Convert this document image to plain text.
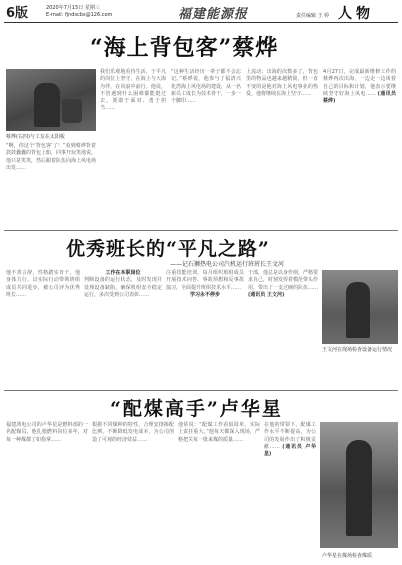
6版	2020年7月15日 星期三
E-mail: fjndscbs@126.com	福建能源报	责任编辑 王 婷 人物
“海上背包客”蔡烨
蔡烨(右四)与工友在太阳板
“啊，你这个‘背包客’了！”看到蔡烨背着鼓鼓囊囊的背包上船，同事开玩笑地说。他只是笑笑，然后跟着队伍向海上风电场出发……
我们乐观地看待生活，于平凡的岗位上坚守，在海上与大海为伴，在风浪中前行。他说，不管遇到什么困难都能挺过去，要敢于面对、勇于担当……
“这种生活经历一辈子都不会忘记。”蔡烨说，他参与了福清兴化湾海上风电场的建设，从一名新员工成长为技术骨干，一步一个脚印……
上流动；出海的次数多了，背包里的物品也越来越精简，但一直不变的是他对海上风电事业的热爱。他将继续在海上坚守……
4月27日，完成最新维修工作的蔡烨再次出海，一边走一边谈着自己的目标和计划，他表示要继续坚守好海上风电…… (通讯员 蔡烨)
优秀班长的“平凡之路”
——记石狮热电公司汽机运行班班长王文河
他不善言辞，性格踏实肯干，他身体力行，以实际行动带领班组成员共同进步，被公司评为优秀班长……
工作在本职岗位
判断设备的运行状态，及时发现并处理设备缺陷，确保机组安全稳定运行，多次受到公司表彰……
注重技能培训，每月组织班组成员开展技术问答、事故预想和反事故演习，全面提升班组技术水平……
学习永不停步
干部，他总是以身作则，严格要求自己，时刻发挥着模范带头作用，带出了一支过硬的队伍…… (通讯员 王文河)
王文河在现场检查设备运行情况
“配煤高手”卢华星
福建鸿电公司的卢华星是燃料部的一名配煤员，他扎根燃料岗位多年，对每一种煤都了如指掌……
根据不同煤种的特性，合理安排掺配比例，不断降低发电成本，为公司创造了可观的经济效益……
他常说：“配煤工作看似简单，实际上责任重大。”他每天都深入现场，严格把关每一批来煤的质量……
在他的带领下，配煤工作水平不断提高，为公司的发展作出了积极贡献…… (通讯员 卢华星)
卢华星在煤场检查煤质
